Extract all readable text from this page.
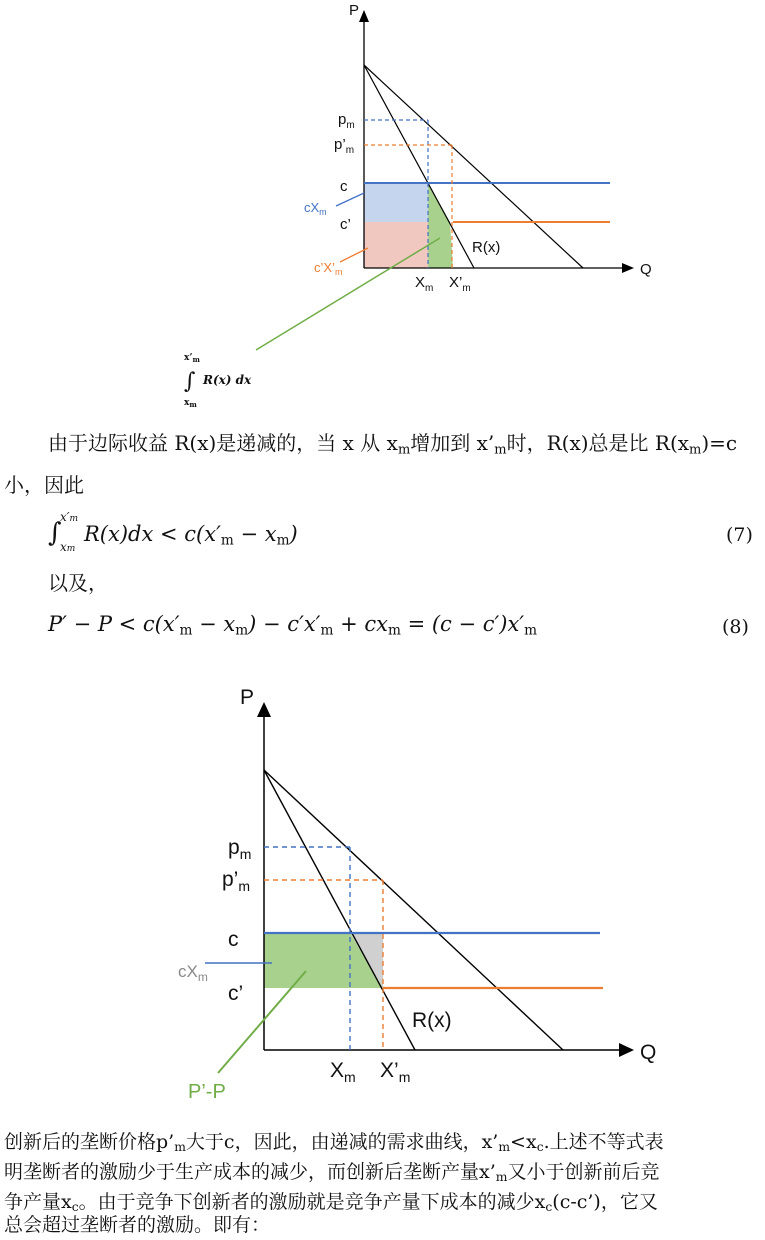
P
Q
$p_m$
$p’_m$
c
c’
R(x)
$X_m$ $X’_m$
$cX_m$
$c’X’_m$
$x’_m$
∫
$x_m$
R(x) dx
由于边际收益 R(x)是递减的，当 x 从 $x_m$增加到 $x’_m$时，R(x)总是比 $R(x_m)=c$
小，因此
∫
x′m
xm
$R(x)dx < c(x'_m - x_m)$	(7)
以及，
$P' - P < c(x'_m - x_m) - c'x'_m + cx_m = (c - c')x'_m$	(8)
P
Q
$p_m$
$p’_m$
c
c’
R(x)
$X_m$ $X’_m$
$cX_m$
P’-P
创新后的垄断价格$p’_m$大于c，因此，由递减的需求曲线，$x’_m<x_c$.上述不等式表
明垄断者的激励少于生产成本的减少，而创新后垄断产量$x’_m$又小于创新前后竞
争产量$x_c$。由于竞争下创新者的激励就是竞争产量下成本的减少$x_c(c-c’)$，它又
总会超过垄断者的激励。即有：
